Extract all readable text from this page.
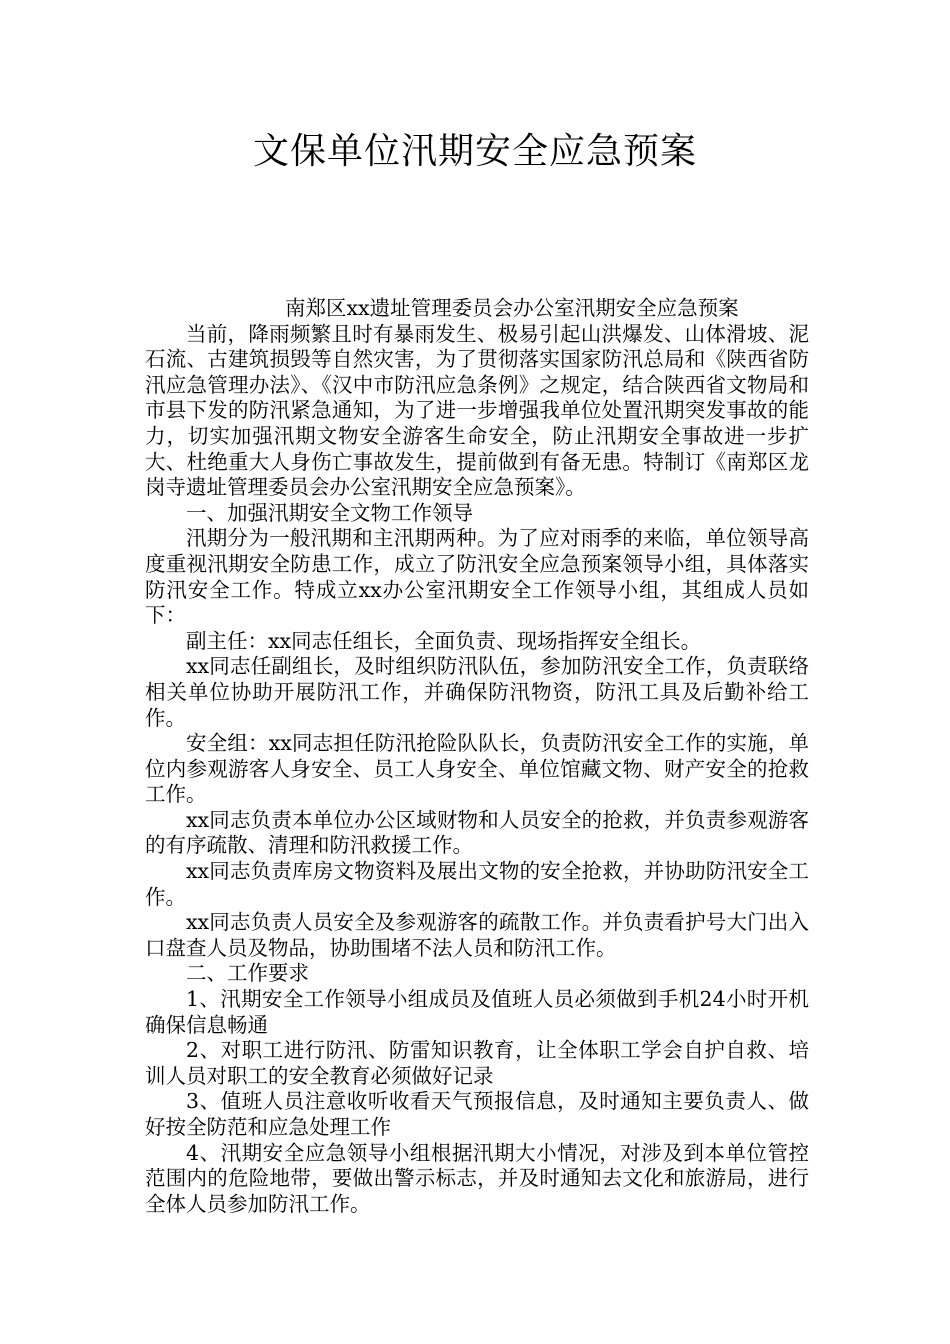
文保单位汛期安全应急预案

南郑区xx遗址管理委员会办公室汛期安全应急预案

当前，降雨频繁且时有暴雨发生、极易引起山洪爆发、山体滑坡、泥石流、古建筑损毁等自然灾害，为了贯彻落实国家防汛总局和《陕西省防汛应急管理办法》、《汉中市防汛应急条例》之规定，结合陕西省文物局和市县下发的防汛紧急通知，为了进一步增强我单位处置汛期突发事故的能力，切实加强汛期文物安全游客生命安全，防止汛期安全事故进一步扩大、杜绝重大人身伤亡事故发生，提前做到有备无患。特制订《南郑区龙岗寺遗址管理委员会办公室汛期安全应急预案》。

一、加强汛期安全文物工作领导

汛期分为一般汛期和主汛期两种。为了应对雨季的来临，单位领导高度重视汛期安全防患工作，成立了防汛安全应急预案领导小组，具体落实防汛安全工作。特成立xx办公室汛期安全工作领导小组，其组成人员如下：

副主任：xx同志任组长，全面负责、现场指挥安全组长。

xx同志任副组长，及时组织防汛队伍，参加防汛安全工作，负责联络相关单位协助开展防汛工作，并确保防汛物资，防汛工具及后勤补给工作。

安全组：xx同志担任防汛抢险队队长，负责防汛安全工作的实施，单位内参观游客人身安全、员工人身安全、单位馆藏文物、财产安全的抢救工作。

xx同志负责本单位办公区域财物和人员安全的抢救，并负责参观游客的有序疏散、清理和防汛救援工作。

xx同志负责库房文物资料及展出文物的安全抢救，并协助防汛安全工作。

xx同志负责人员安全及参观游客的疏散工作。并负责看护号大门出入口盘查人员及物品，协助围堵不法人员和防汛工作。

二、工作要求

1、汛期安全工作领导小组成员及值班人员必须做到手机24小时开机确保信息畅通

2、对职工进行防汛、防雷知识教育，让全体职工学会自护自救、培训人员对职工的安全教育必须做好记录

3、值班人员注意收听收看天气预报信息，及时通知主要负责人、做好按全防范和应急处理工作

4、汛期安全应急领导小组根据汛期大小情况，对涉及到本单位管控范围内的危险地带，要做出警示标志，并及时通知去文化和旅游局，进行全体人员参加防汛工作。
